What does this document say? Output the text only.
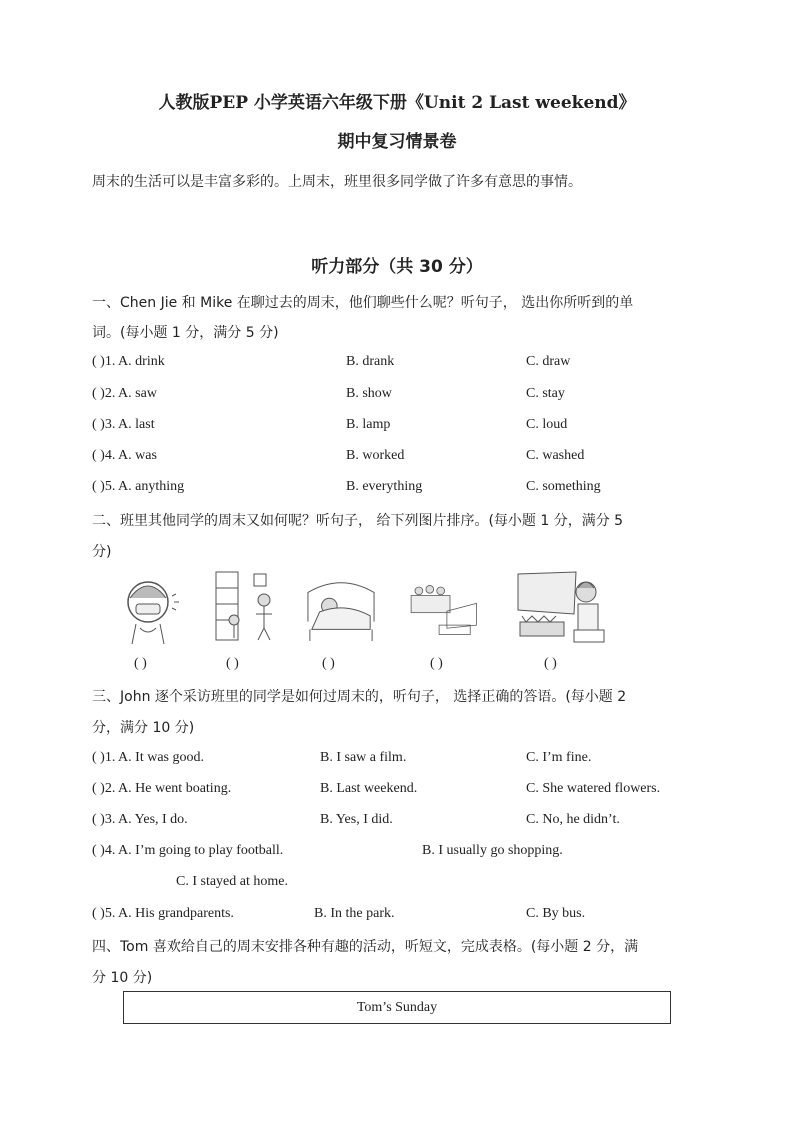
人教版PEP 小学英语六年级下册《Unit 2 Last weekend》
期中复习情景卷
周末的生活可以是丰富多彩的。上周末，班里很多同学做了许多有意思的事情。
听力部分（共 30 分）
一、Chen Jie 和 Mike 在聊过去的周末，他们聊些什么呢？听句子， 选出你所听到的单
词。(每小题 1 分，满分 5 分)
( )1. A. drink	B. drank	C. draw
( )2. A. saw	B. show	C. stay
( )3. A. last	B. lamp	C. loud
( )4. A. was	B. worked	C. washed
( )5. A. anything	B. everything	C. something
二、班里其他同学的周末又如何呢？听句子， 给下列图片排序。(每小题 1 分，满分 5
分)
( )	( )	( )	( )	( )
三、John 逐个采访班里的同学是如何过周末的，听句子， 选择正确的答语。(每小题 2
分，满分 10 分)
( )1. A. It was good.	B. I saw a film.	C. I’m fine.
( )2. A. He went boating.	B. Last weekend.	C. She watered flowers.
( )3. A. Yes, I do.	B. Yes, I did.	C. No, he didn’t.
( )4. A. I’m going to play football.	B. I usually go shopping.
C. I stayed at home.
( )5. A. His grandparents.	B. In the park.	C. By bus.
四、Tom 喜欢给自己的周末安排各种有趣的活动，听短文，完成表格。(每小题 2 分，满
分 10 分)
Tom’s Sunday
